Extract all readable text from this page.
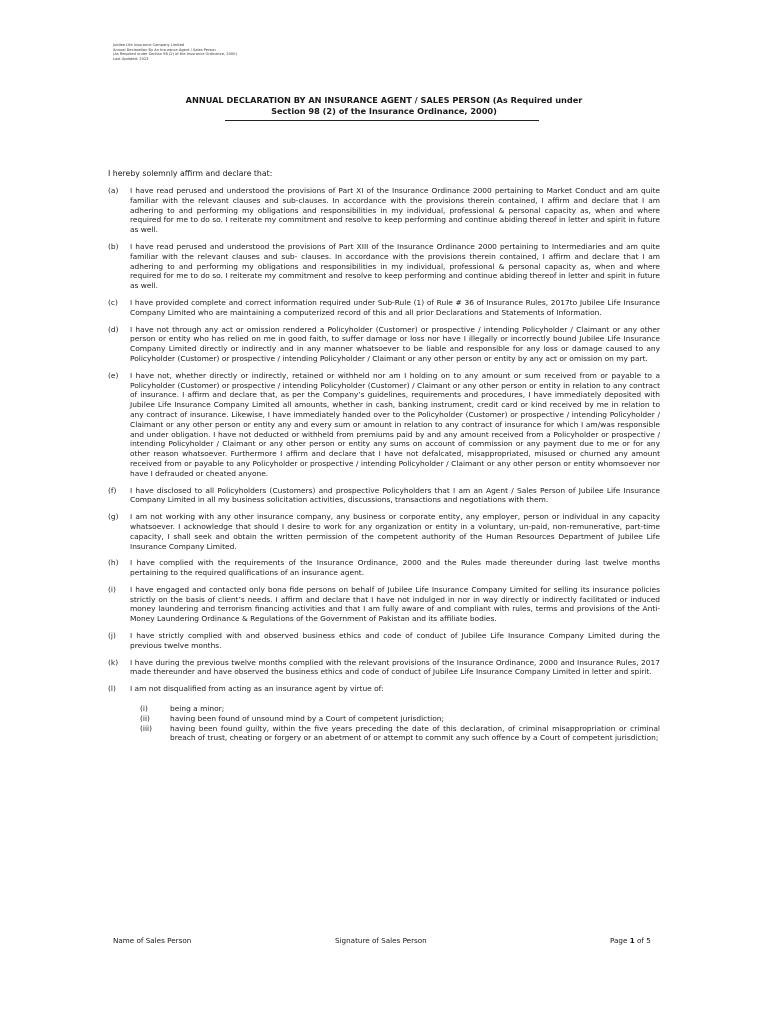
Jubilee Life Insurance Company Limited
Annual Declaration By An Insurance Agent / Sales Person
(As Required under Section 98 (2) of the Insurance Ordinance, 2000)
Last Updated: 2023
ANNUAL DECLARATION BY AN INSURANCE AGENT / SALES PERSON (As Required under
Section 98 (2) of the Insurance Ordinance, 2000)
I hereby solemnly affirm and declare that:
(a)	I have read perused and understood the provisions of Part XI of the Insurance Ordinance 2000 pertaining to Market Conduct and am quite familiar with the relevant clauses and sub-clauses. In accordance with the provisions therein contained, I affirm and declare that I am adhering to and performing my obligations and responsibilities in my individual, professional & personal capacity as, when and where required for me to do so. I reiterate my commitment and resolve to keep performing and continue abiding thereof in letter and spirit in future as well.
(b)	I have read perused and understood the provisions of Part XIII of the Insurance Ordinance 2000 pertaining to Intermediaries and am quite familiar with the relevant clauses and sub- clauses. In accordance with the provisions therein contained, I affirm and declare that I am adhering to and performing my obligations and responsibilities in my individual, professional & personal capacity as, when and where required for me to do so. I reiterate my commitment and resolve to keep performing and continue abiding thereof in letter and spirit in future as well.
(c)	I have provided complete and correct information required under Sub-Rule (1) of Rule # 36 of Insurance Rules, 2017to Jubilee Life Insurance Company Limited who are maintaining a computerized record of this and all prior Declarations and Statements of Information.
(d)	I have not through any act or omission rendered a Policyholder (Customer) or prospective / intending Policyholder / Claimant or any other person or entity who has relied on me in good faith, to suffer damage or loss nor have I illegally or incorrectly bound Jubilee Life Insurance Company Limited directly or indirectly and in any manner whatsoever to be liable and responsible for any loss or damage caused to any Policyholder (Customer) or prospective / intending Policyholder / Claimant or any other person or entity by any act or omission on my part.
(e)	I have not, whether directly or indirectly, retained or withheld nor am I holding on to any amount or sum received from or payable to a Policyholder (Customer) or prospective / intending Policyholder (Customer) / Claimant or any other person or entity in relation to any contract of insurance. I affirm and declare that, as per the Company’s guidelines, requirements and procedures, I have immediately deposited with Jubilee Life Insurance Company Limited all amounts, whether in cash, banking instrument, credit card or kind received by me in relation to any contract of insurance. Likewise, I have immediately handed over to the Policyholder (Customer) or prospective / intending Policyholder / Claimant or any other person or entity any and every sum or amount in relation to any contract of insurance for which I am/was responsible and under obligation. I have not deducted or withheld from premiums paid by and any amount received from a Policyholder or prospective / intending Policyholder / Claimant or any other person or entity any sums on account of commission or any payment due to me or for any other reason whatsoever. Furthermore I affirm and declare that I have not defalcated, misappropriated, misused or churned any amount received from or payable to any Policyholder or prospective / intending Policyholder / Claimant or any other person or entity whomsoever nor have I defrauded or cheated anyone.
(f)	I have disclosed to all Policyholders (Customers) and prospective Policyholders that I am an Agent / Sales Person of Jubilee Life Insurance Company Limited in all my business solicitation activities, discussions, transactions and negotiations with them.
(g)	I am not working with any other insurance company, any business or corporate entity, any employer, person or individual in any capacity whatsoever. I acknowledge that should I desire to work for any organization or entity in a voluntary, un-paid, non-remunerative, part-time capacity, I shall seek and obtain the written permission of the competent authority of the Human Resources Department of Jubilee Life Insurance Company Limited.
(h)	I have complied with the requirements of the Insurance Ordinance, 2000 and the Rules made thereunder during last twelve months pertaining to the required qualifications of an insurance agent.
(i)	I have engaged and contacted only bona fide persons on behalf of Jubilee Life Insurance Company Limited for selling its insurance policies strictly on the basis of client’s needs. I affirm and declare that I have not indulged in nor in way directly or indirectly facilitated or induced money laundering and terrorism financing activities and that I am fully aware of and compliant with rules, terms and provisions of the Anti-Money Laundering Ordinance & Regulations of the Government of Pakistan and its affiliate bodies.
(j)	I have strictly complied with and observed business ethics and code of conduct of Jubilee Life Insurance Company Limited during the previous twelve months.
(k)	I have during the previous twelve months complied with the relevant provisions of the Insurance Ordinance, 2000 and Insurance Rules, 2017 made thereunder and have observed the business ethics and code of conduct of Jubilee Life Insurance Company Limited in letter and spirit.
(l)	I am not disqualified from acting as an insurance agent by virtue of:
(i)	being a minor;
(ii)	having been found of unsound mind by a Court of competent jurisdiction;
(iii)	having been found guilty, within the five years preceding the date of this declaration, of criminal misappropriation or criminal breach of trust, cheating or forgery or an abetment of or attempt to commit any such offence by a Court of competent jurisdiction;
Name of Sales Person	Signature of Sales Person	Page 1 of 5
